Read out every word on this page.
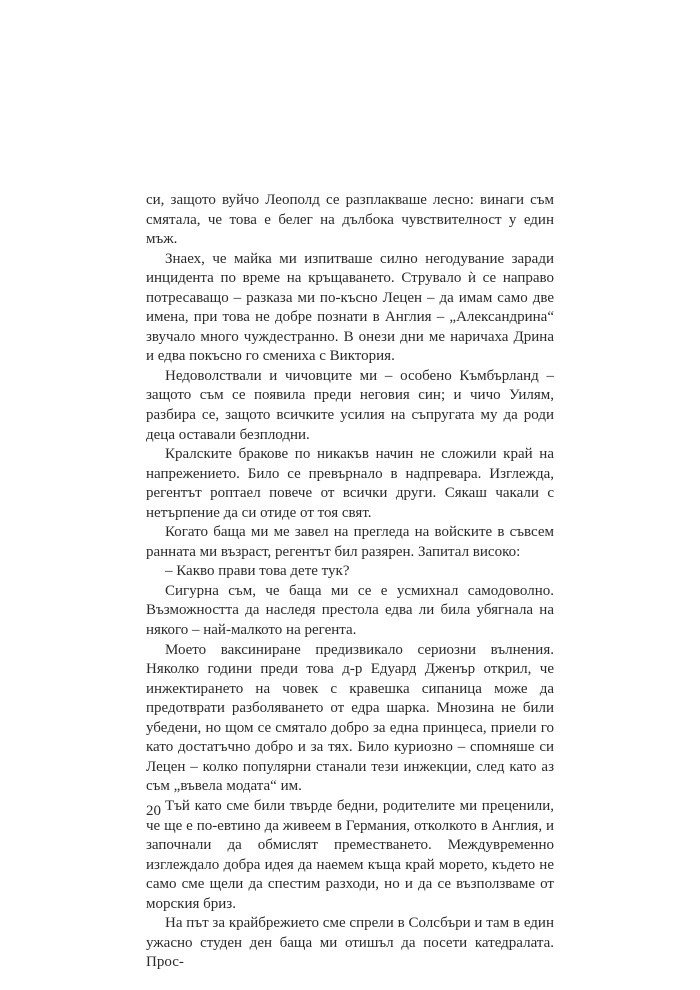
си, защото вуйчо Леополд се разплакваше лесно: винаги съм смятала, че това е белег на дълбока чувствителност у един мъж.

Знаех, че майка ми изпитваше силно негодувание заради инцидента по време на кръщаването. Струвало ѝ се направо потресаващо – разказа ми по-късно Лецен – да имам само две имена, при това не добре познати в Англия – „Александрина“ звучало много чуждестранно. В онези дни ме наричаха Дрина и едва покъсно го смениха с Виктория.

Недоволствали и чичовците ми – особено Къмбърланд – защото съм се появила преди неговия син; и чичо Уилям, разбира се, защото всичките усилия на съпругата му да роди деца оставали безплодни.

Кралските бракове по никакъв начин не сложили край на напрежението. Било се превърнало в надпревара. Изглежда, регентът роптаел повече от всички други. Сякаш чакали с нетърпение да си отиде от тоя свят.

Когато баща ми ме завел на прегледа на войските в съвсем ранната ми възраст, регентът бил разярен. Запитал високо:

– Какво прави това дете тук?

Сигурна съм, че баща ми се е усмихнал самодоволно. Възможността да наследя престола едва ли била убягнала на някого – най-малкото на регента.

Моето ваксиниране предизвикало сериозни вълнения. Няколко години преди това д-р Едуард Дженър открил, че инжектирането на човек с кравешка сипаница може да предотврати разболяването от едра шарка. Мнозина не били убедени, но щом се смятало добро за една принцеса, приели го като достатъчно добро и за тях. Било куриозно – спомняше си Лецен – колко популярни станали тези инжекции, след като аз съм „въвела модата“ им.

Тъй като сме били твърде бедни, родителите ми преценили, че ще е по-евтино да живеем в Германия, отколкото в Англия, и започнали да обмислят преместването. Междувременно изглеждало добра идея да наемем къща край морето, където не само сме щели да спестим разходи, но и да се възползваме от морския бриз.

На път за крайбрежието сме спрели в Солсбъри и там в един ужасно студен ден баща ми отишъл да посети катедралата. Прос-

20
